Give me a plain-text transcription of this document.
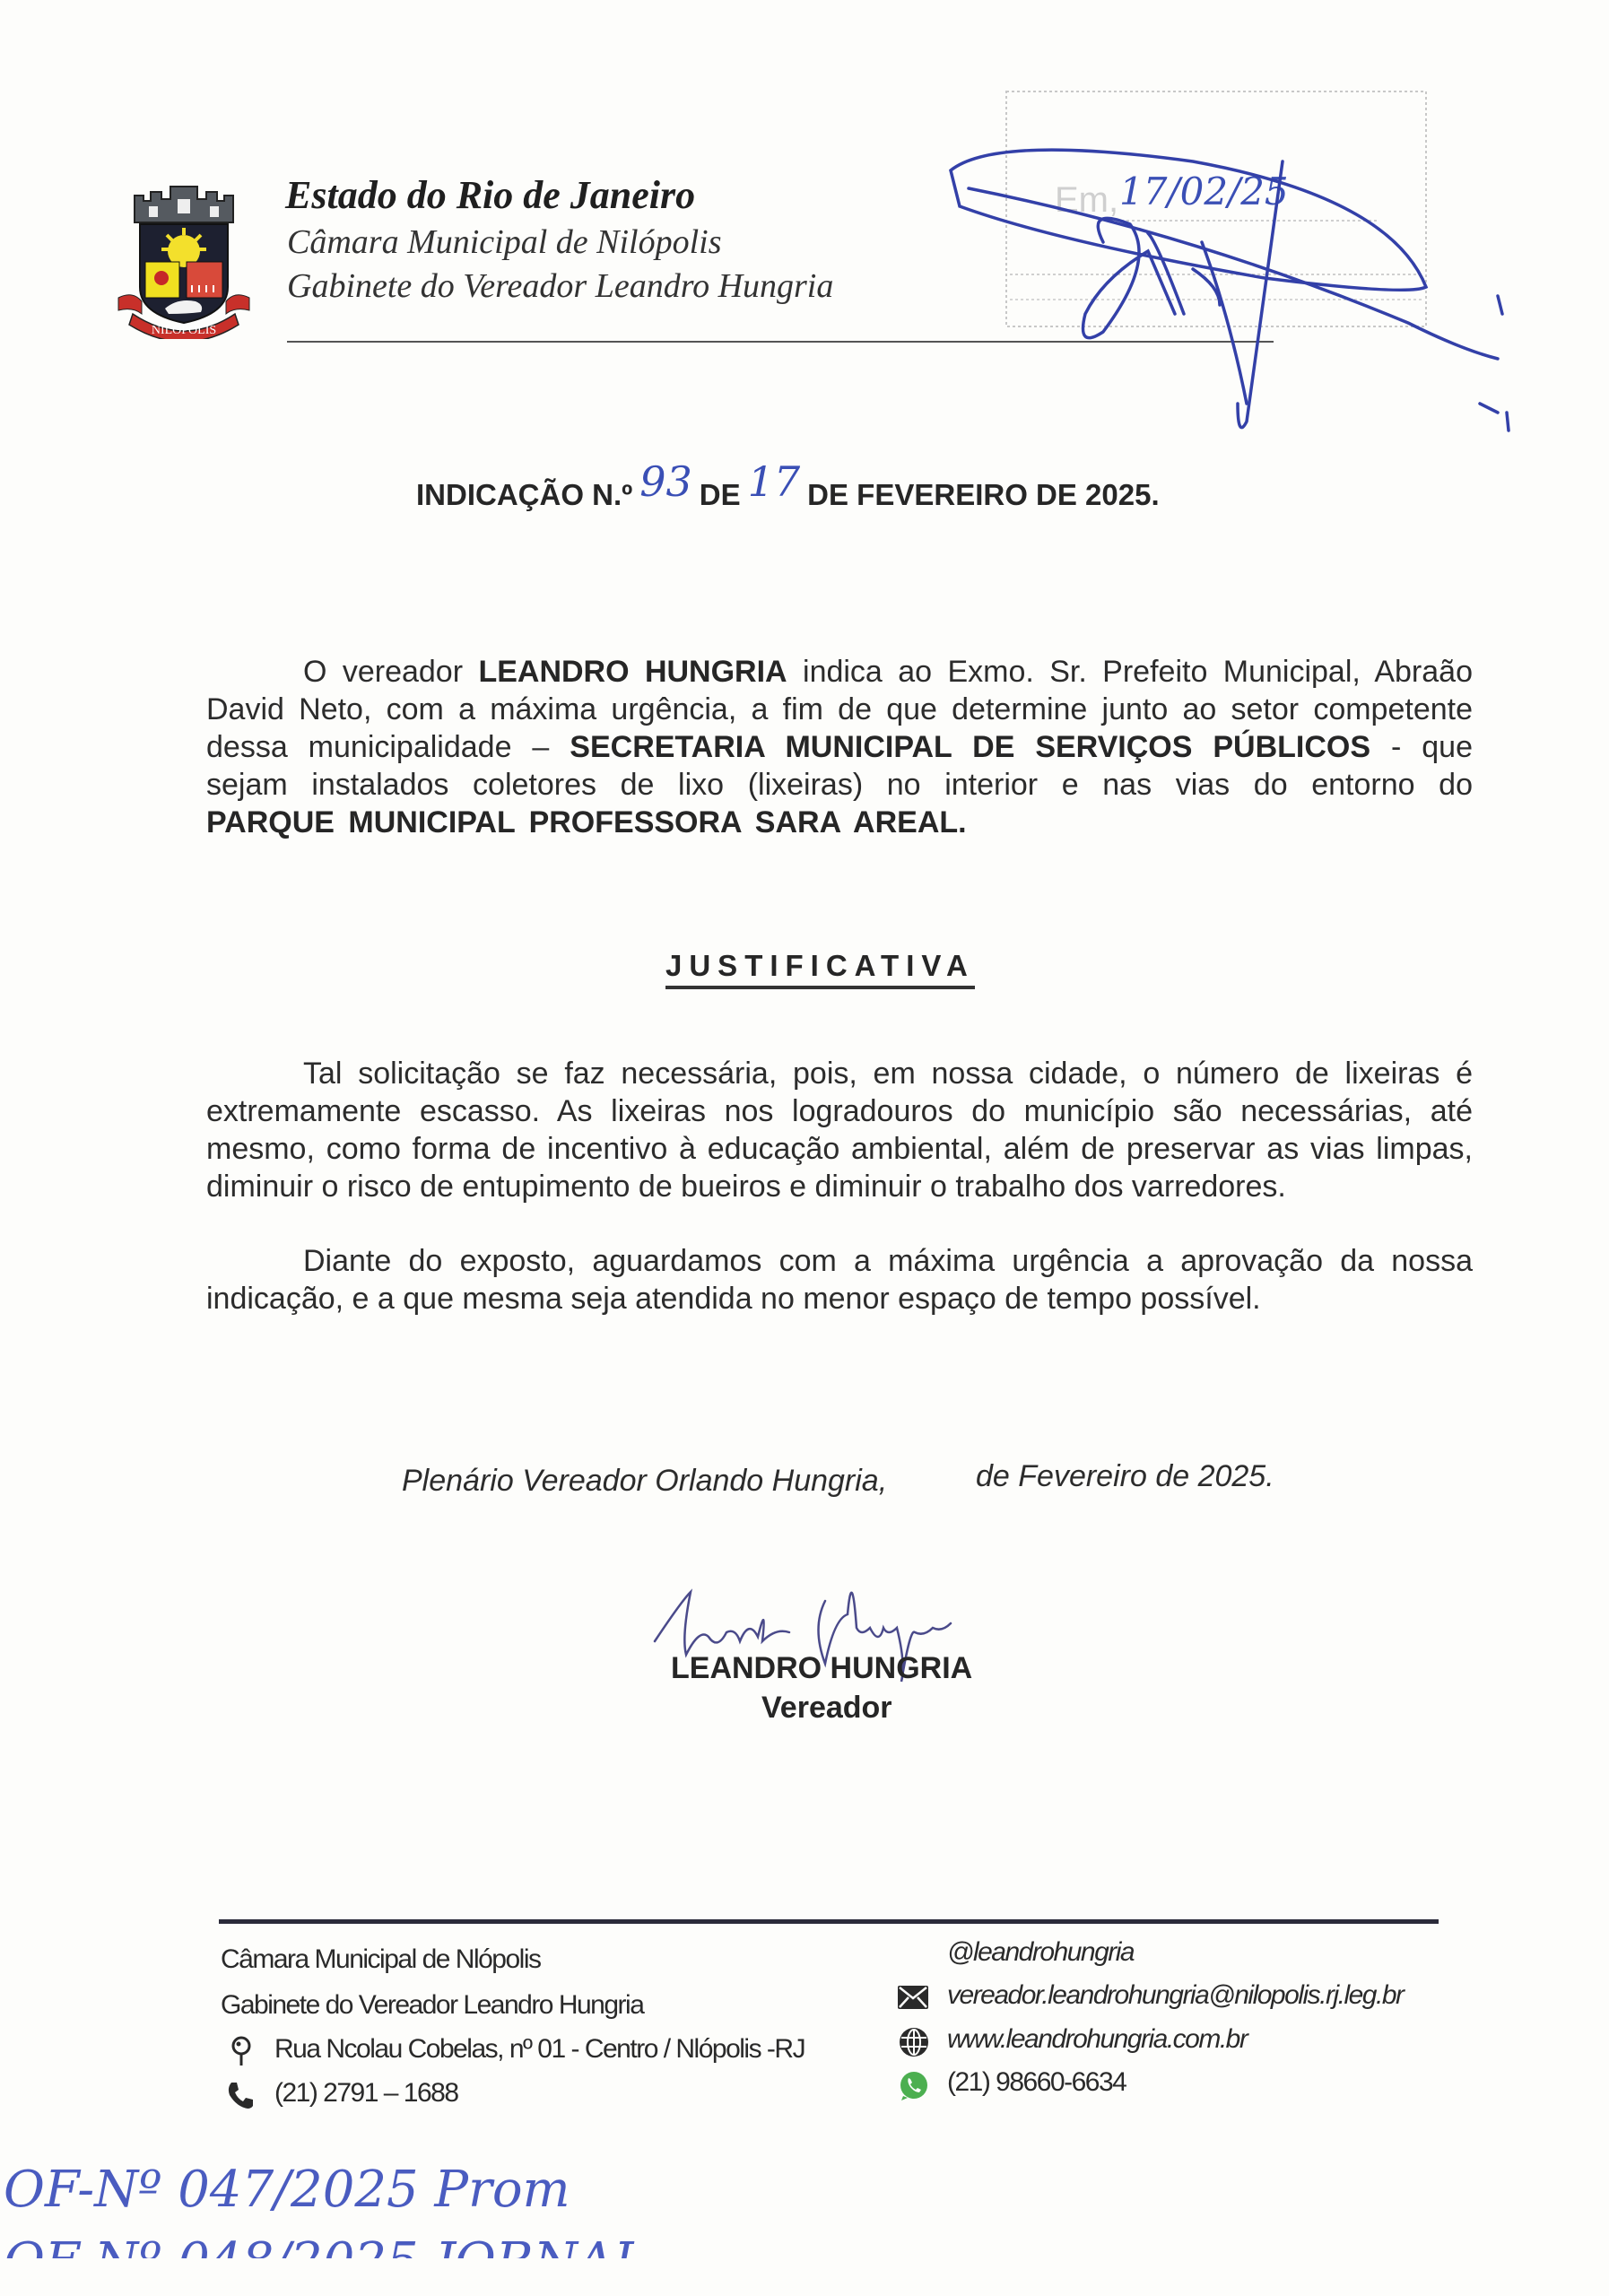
NILÓPOLIS
Estado do Rio de Janeiro
Câmara Municipal de Nilópolis
Gabinete do Vereador Leandro Hungria
Em, 17/02/25
INDICAÇÃO N.º 93 DE 17 DE FEVEREIRO DE 2025.
O vereador LEANDRO HUNGRIA indica ao Exmo. Sr. Prefeito Municipal, Abraão David Neto, com a máxima urgência, a fim de que determine junto ao setor competente dessa municipalidade – SECRETARIA MUNICIPAL DE SERVIÇOS PÚBLICOS - que sejam instalados coletores de lixo (lixeiras) no interior e nas vias do entorno do PARQUE MUNICIPAL PROFESSORA SARA AREAL.
JUSTIFICATIVA
Tal solicitação se faz necessária, pois, em nossa cidade, o número de lixeiras é extremamente escasso. As lixeiras nos logradouros do município são necessárias, até mesmo, como forma de incentivo à educação ambiental, além de preservar as vias limpas, diminuir o risco de entupimento de bueiros e diminuir o trabalho dos varredores.
Diante do exposto, aguardamos com a máxima urgência a aprovação da nossa indicação, e a que mesma seja atendida no menor espaço de tempo possível.
Plenário Vereador Orlando Hungria,	de Fevereiro de 2025.
LEANDRO HUNGRIA
Vereador
Câmara Municipal de Nlópolis
Gabinete do Vereador Leandro Hungria
Rua Ncolau Cobelas, nº 01 - Centro / Nlópolis -RJ
(21) 2791 – 1688
@leandrohungria
vereador.leandrohungria@nilopolis.rj.leg.br
www.leandrohungria.com.br
(21) 98660-6634
OF-Nº 047/2025 Prom
